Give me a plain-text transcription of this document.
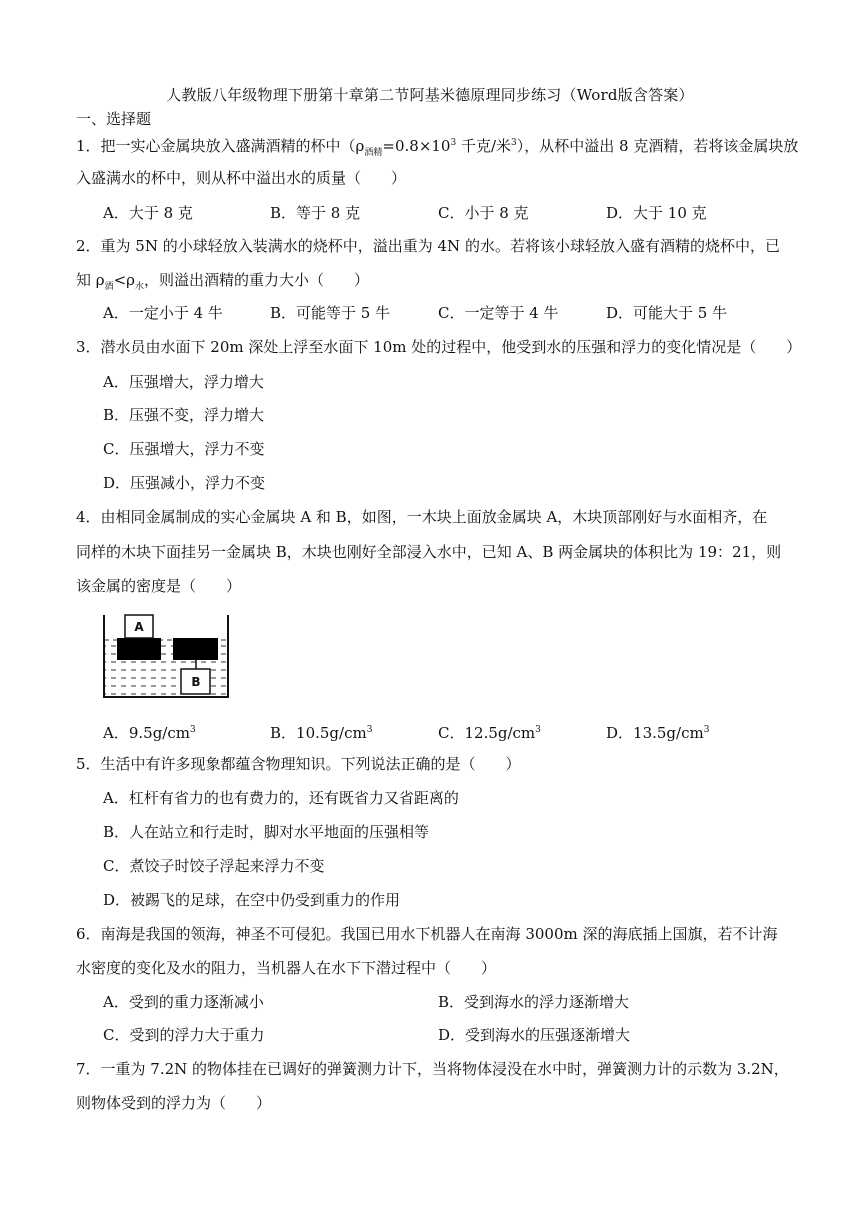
人教版八年级物理下册第十章第二节阿基米德原理同步练习（Word版含答案）
一、选择题
1．把一实心金属块放入盛满酒精的杯中（$\rho_{酒精}=0.8\times 10^3$ 千克/米$^3$），从杯中溢出 8 克酒精，若将该金属块放
入盛满水的杯中，则从杯中溢出水的质量（　　）
A．大于 8 克	B．等于 8 克	C．小于 8 克	D．大于 10 克
2．重为 5N 的小球轻放入装满水的烧杯中，溢出重为 4N 的水。若将该小球轻放入盛有酒精的烧杯中，已
知 $\rho_酒<\rho_水$，则溢出酒精的重力大小（　　）
A．一定小于 4 牛	B．可能等于 5 牛	C．一定等于 4 牛	D．可能大于 5 牛
3．潜水员由水面下 20m 深处上浮至水面下 10m 处的过程中，他受到水的压强和浮力的变化情况是（　　）
A．压强增大，浮力增大
B．压强不变，浮力增大
C．压强增大，浮力不变
D．压强减小，浮力不变
4．由相同金属制成的实心金属块 A 和 B，如图，一木块上面放金属块 A，木块顶部刚好与水面相齐，在
同样的木块下面挂另一金属块 B，木块也刚好全部浸入水中，已知 A、B 两金属块的体积比为 19：21，则
该金属的密度是（　　）
A
B
A．$9.5g/cm^3$	B．$10.5g/cm^3$	C．$12.5g/cm^3$	D．$13.5g/cm^3$
5．生活中有许多现象都蕴含物理知识。下列说法正确的是（　　）
A．杠杆有省力的也有费力的，还有既省力又省距离的
B．人在站立和行走时，脚对水平地面的压强相等
C．煮饺子时饺子浮起来浮力不变
D．被踢飞的足球，在空中仍受到重力的作用
6．南海是我国的领海，神圣不可侵犯。我国已用水下机器人在南海 3000m 深的海底插上国旗，若不计海
水密度的变化及水的阻力，当机器人在水下下潜过程中（　　）
A．受到的重力逐渐减小	B．受到海水的浮力逐渐增大
C．受到的浮力大于重力	D．受到海水的压强逐渐增大
7．一重为 7.2N 的物体挂在已调好的弹簧测力计下，当将物体浸没在水中时，弹簧测力计的示数为 3.2N，
则物体受到的浮力为（　　）
